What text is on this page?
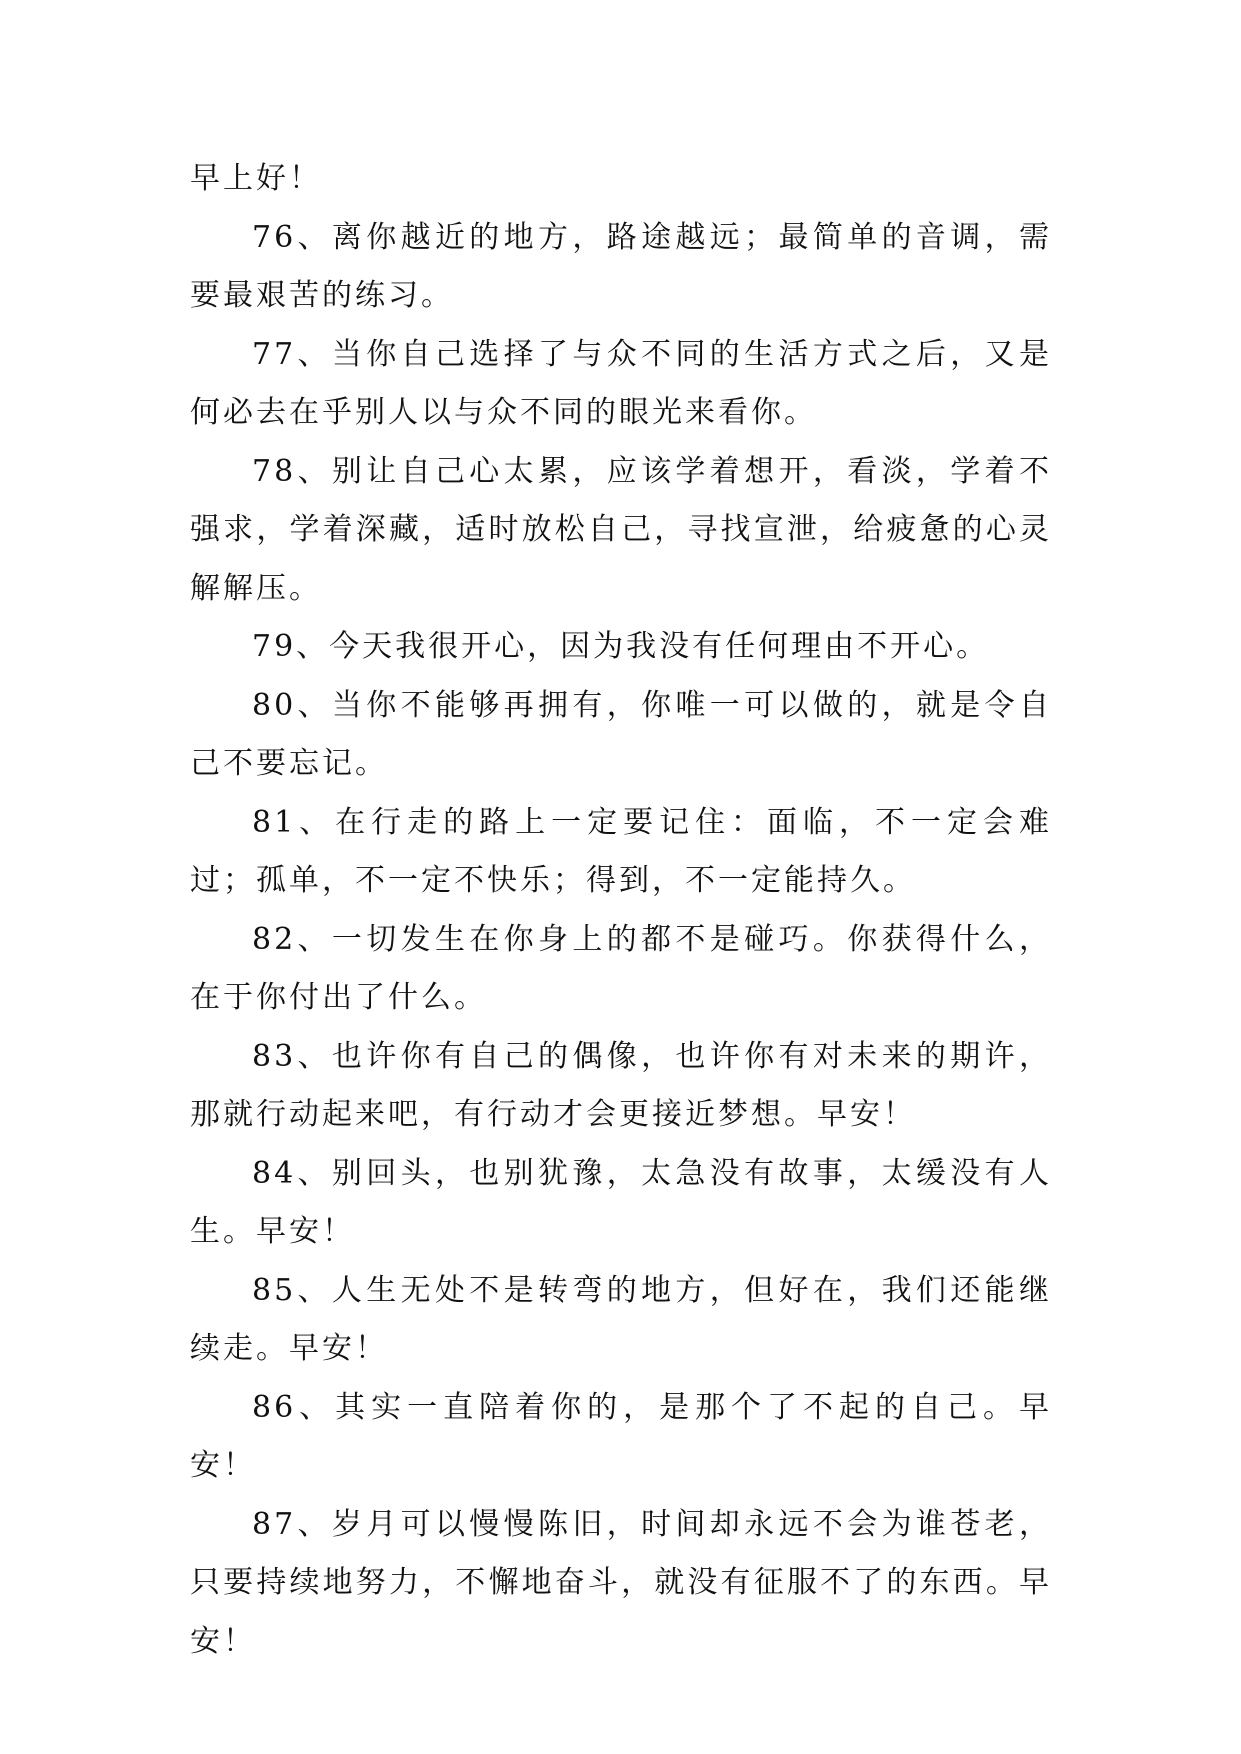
早上好！

76、离你越近的地方，路途越远；最简单的音调，需要最艰苦的练习。

77、当你自己选择了与众不同的生活方式之后，又是何必去在乎别人以与众不同的眼光来看你。

78、别让自己心太累，应该学着想开，看淡，学着不强求，学着深藏，适时放松自己，寻找宣泄，给疲惫的心灵解解压。

79、今天我很开心，因为我没有任何理由不开心。

80、当你不能够再拥有，你唯一可以做的，就是令自己不要忘记。

81、在行走的路上一定要记住：面临，不一定会难过；孤单，不一定不快乐；得到，不一定能持久。

82、一切发生在你身上的都不是碰巧。你获得什么，在于你付出了什么。

83、也许你有自己的偶像，也许你有对未来的期许，那就行动起来吧，有行动才会更接近梦想。早安！

84、别回头，也别犹豫，太急没有故事，太缓没有人生。早安！

85、人生无处不是转弯的地方，但好在，我们还能继续走。早安！

86、其实一直陪着你的，是那个了不起的自己。早安！

87、岁月可以慢慢陈旧，时间却永远不会为谁苍老，只要持续地努力，不懈地奋斗，就没有征服不了的东西。早安！
